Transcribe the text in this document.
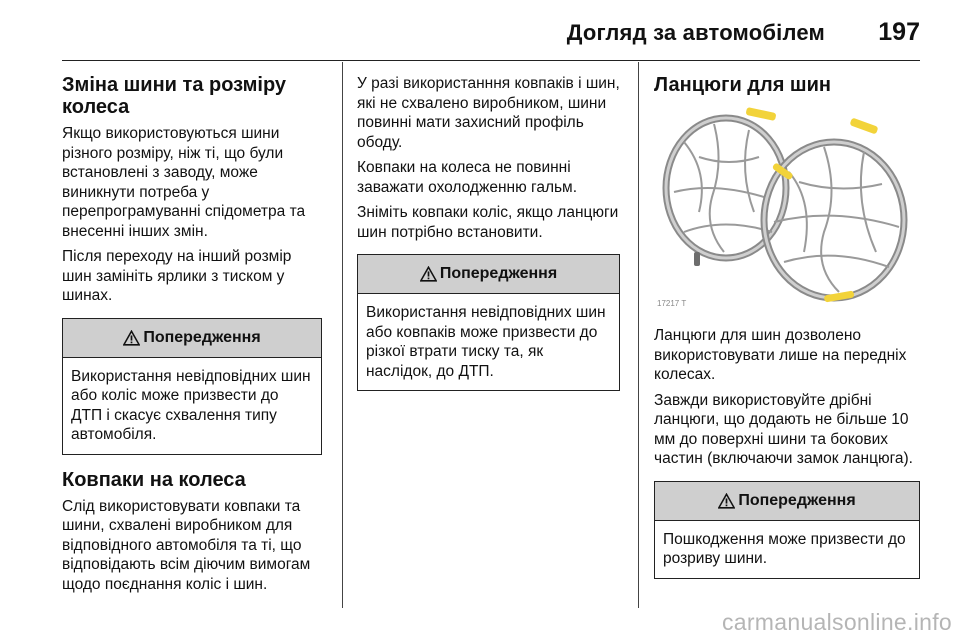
Догляд за автомобілем 197
Зміна шини та розміру колеса

Якщо використовуються шини різного розміру, ніж ті, що були встановлені з заводу, може виникнути потреба у перепрограмуванні спідометра та внесенні інших змін.

Після переходу на інший розмір шин замініть ярлики з тиском у шинах.

Попередження
Використання невідповідних шин або коліс може призвести до ДТП і скасує схвалення типу автомобіля.
Ковпаки на колеса

Слід використовувати ковпаки та шини, схвалені виробником для відповідного автомобіля та ті, що відповідають всім діючим вимогам щодо поєднання коліс і шин.

У разі використанння ковпаків і шин, які не схвалено виробником, шини повинні мати захисний профіль ободу.

Ковпаки на колеса не повинні заважати охолодженню гальм.

Зніміть ковпаки коліс, якщо ланцюги шин потрібно встановити.

Попередження
Використання невідповідних шин або ковпаків може призвести до різкої втрати тиску та, як наслідок, до ДТП.
Ланцюги для шин
17217 T

Ланцюги для шин дозволено використовувати лише на передніх колесах.

Завжди використовуйте дрібні ланцюги, що додають не більше 10 мм до поверхні шини та бокових частин (включаючи замок ланцюга).

Попередження
Пошкодження може призвести до розриву шини.
carmanualsonline.info
